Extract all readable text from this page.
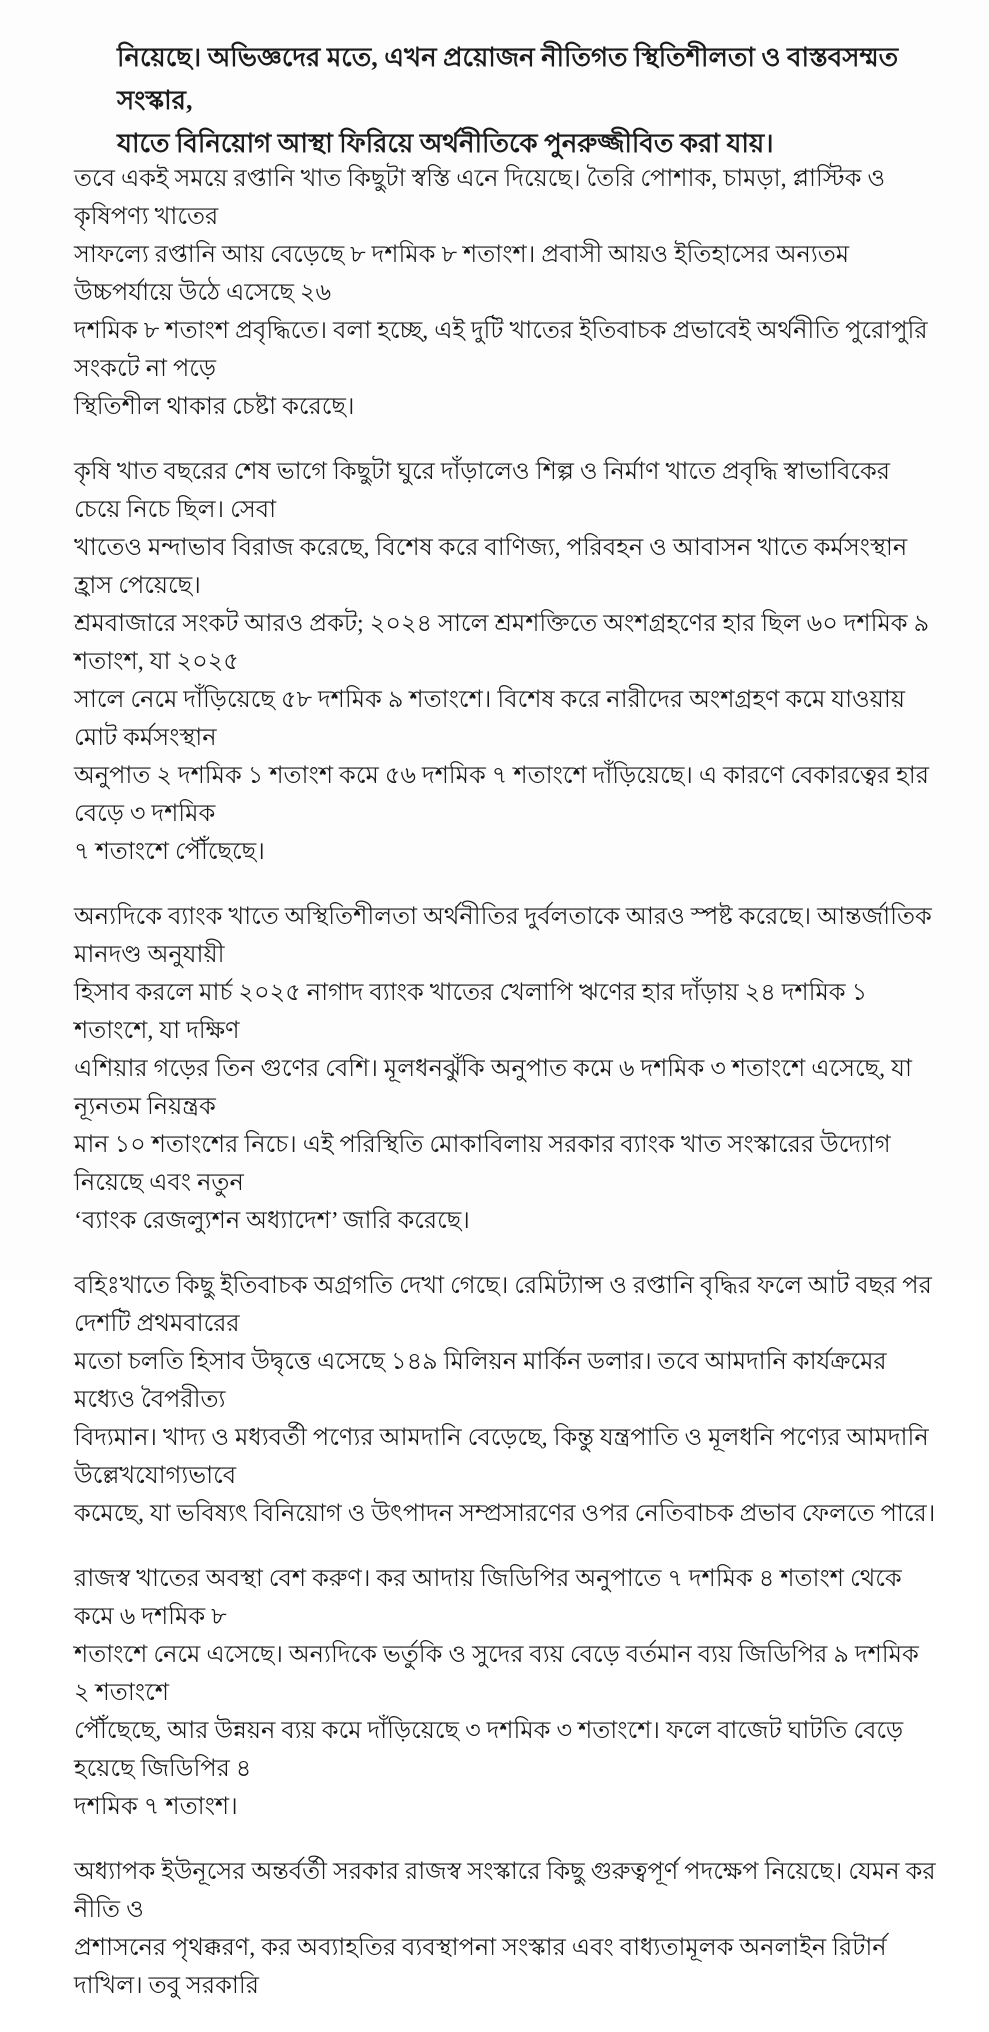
নিয়েছে। অভিজ্ঞদের মতে, এখন প্রয়োজন নীতিগত স্থিতিশীলতা ও বাস্তবসম্মত সংস্কার,
যাতে বিনিয়োগ আস্থা ফিরিয়ে অর্থনীতিকে পুনরুজ্জীবিত করা যায়।
তবে একই সময়ে রপ্তানি খাত কিছুটা স্বস্তি এনে দিয়েছে। তৈরি পোশাক, চামড়া, প্লাস্টিক ও কৃষিপণ্য খাতের
সাফল্যে রপ্তানি আয় বেড়েছে ৮ দশমিক ৮ শতাংশ। প্রবাসী আয়ও ইতিহাসের অন্যতম উচ্চপর্যায়ে উঠে এসেছে ২৬
দশমিক ৮ শতাংশ প্রবৃদ্ধিতে। বলা হচ্ছে, এই দুটি খাতের ইতিবাচক প্রভাবেই অর্থনীতি পুরোপুরি সংকটে না পড়ে
স্থিতিশীল থাকার চেষ্টা করেছে।
কৃষি খাত বছরের শেষ ভাগে কিছুটা ঘুরে দাঁড়ালেও শিল্প ও নির্মাণ খাতে প্রবৃদ্ধি স্বাভাবিকের চেয়ে নিচে ছিল। সেবা
খাতেও মন্দাভাব বিরাজ করেছে, বিশেষ করে বাণিজ্য, পরিবহন ও আবাসন খাতে কর্মসংস্থান হ্রাস পেয়েছে।
শ্রমবাজারে সংকট আরও প্রকট; ২০২৪ সালে শ্রমশক্তিতে অংশগ্রহণের হার ছিল ৬০ দশমিক ৯ শতাংশ, যা ২০২৫
সালে নেমে দাঁড়িয়েছে ৫৮ দশমিক ৯ শতাংশে। বিশেষ করে নারীদের অংশগ্রহণ কমে যাওয়ায় মোট কর্মসংস্থান
অনুপাত ২ দশমিক ১ শতাংশ কমে ৫৬ দশমিক ৭ শতাংশে দাঁড়িয়েছে। এ কারণে বেকারত্বের হার বেড়ে ৩ দশমিক
৭ শতাংশে পৌঁছেছে।
অন্যদিকে ব্যাংক খাতে অস্থিতিশীলতা অর্থনীতির দুর্বলতাকে আরও স্পষ্ট করেছে। আন্তর্জাতিক মানদণ্ড অনুযায়ী
হিসাব করলে মার্চ ২০২৫ নাগাদ ব্যাংক খাতের খেলাপি ঋণের হার দাঁড়ায় ২৪ দশমিক ১ শতাংশে, যা দক্ষিণ
এশিয়ার গড়ের তিন গুণের বেশি। মূলধনঝুঁকি অনুপাত কমে ৬ দশমিক ৩ শতাংশে এসেছে, যা ন্যূনতম নিয়ন্ত্রক
মান ১০ শতাংশের নিচে। এই পরিস্থিতি মোকাবিলায় সরকার ব্যাংক খাত সংস্কারের উদ্যোগ নিয়েছে এবং নতুন
‘ব্যাংক রেজল্যুশন অধ্যাদেশ’ জারি করেছে।
বহিঃখাতে কিছু ইতিবাচক অগ্রগতি দেখা গেছে। রেমিট্যান্স ও রপ্তানি বৃদ্ধির ফলে আট বছর পর দেশটি প্রথমবারের
মতো চলতি হিসাব উদ্বৃত্তে এসেছে ১৪৯ মিলিয়ন মার্কিন ডলার। তবে আমদানি কার্যক্রমের মধ্যেও বৈপরীত্য
বিদ্যমান। খাদ্য ও মধ্যবর্তী পণ্যের আমদানি বেড়েছে, কিন্তু যন্ত্রপাতি ও মূলধনি পণ্যের আমদানি উল্লেখযোগ্যভাবে
কমেছে, যা ভবিষ্যৎ বিনিয়োগ ও উৎপাদন সম্প্রসারণের ওপর নেতিবাচক প্রভাব ফেলতে পারে।
রাজস্ব খাতের অবস্থা বেশ করুণ। কর আদায় জিডিপির অনুপাতে ৭ দশমিক ৪ শতাংশ থেকে কমে ৬ দশমিক ৮
শতাংশে নেমে এসেছে। অন্যদিকে ভর্তুকি ও সুদের ব্যয় বেড়ে বর্তমান ব্যয় জিডিপির ৯ দশমিক ২ শতাংশে
পৌঁছেছে, আর উন্নয়ন ব্যয় কমে দাঁড়িয়েছে ৩ দশমিক ৩ শতাংশে। ফলে বাজেট ঘাটতি বেড়ে হয়েছে জিডিপির ৪
দশমিক ৭ শতাংশ।
অধ্যাপক ইউনূসের অন্তর্বর্তী সরকার রাজস্ব সংস্কারে কিছু গুরুত্বপূর্ণ পদক্ষেপ নিয়েছে। যেমন কর নীতি ও
প্রশাসনের পৃথক্করণ, কর অব্যাহতির ব্যবস্থাপনা সংস্কার এবং বাধ্যতামূলক অনলাইন রিটার্ন দাখিল। তবু সরকারি
